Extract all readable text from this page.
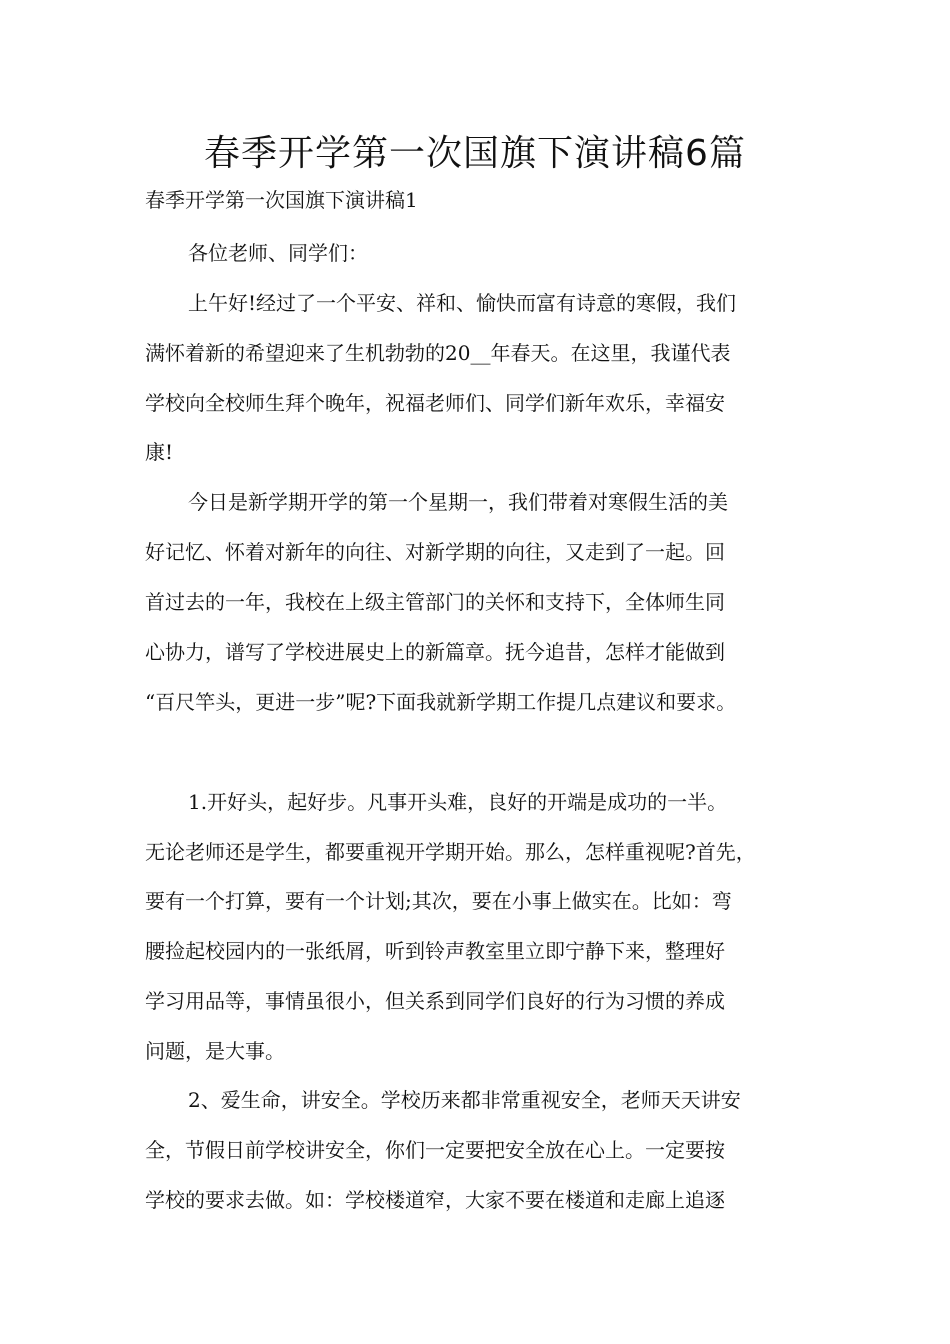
春季开学第一次国旗下演讲稿6篇

春季开学第一次国旗下演讲稿1

各位老师、同学们：

上午好!经过了一个平安、祥和、愉快而富有诗意的寒假，我们

满怀着新的希望迎来了生机勃勃的20__年春天。在这里，我谨代表

学校向全校师生拜个晚年，祝福老师们、同学们新年欢乐，幸福安

康!

今日是新学期开学的第一个星期一，我们带着对寒假生活的美

好记忆、怀着对新年的向往、对新学期的向往，又走到了一起。回

首过去的一年，我校在上级主管部门的关怀和支持下，全体师生同

心协力，谱写了学校进展史上的新篇章。抚今追昔，怎样才能做到

“百尺竿头，更进一步”呢?下面我就新学期工作提几点建议和要求。

1.开好头，起好步。凡事开头难，良好的开端是成功的一半。

无论老师还是学生，都要重视开学期开始。那么，怎样重视呢?首先，

要有一个打算，要有一个计划;其次，要在小事上做实在。比如：弯

腰捡起校园内的一张纸屑，听到铃声教室里立即宁静下来，整理好

学习用品等，事情虽很小，但关系到同学们良好的行为习惯的养成

问题，是大事。

2、爱生命，讲安全。学校历来都非常重视安全，老师天天讲安

全，节假日前学校讲安全，你们一定要把安全放在心上。一定要按

学校的要求去做。如：学校楼道窄，大家不要在楼道和走廊上追逐
